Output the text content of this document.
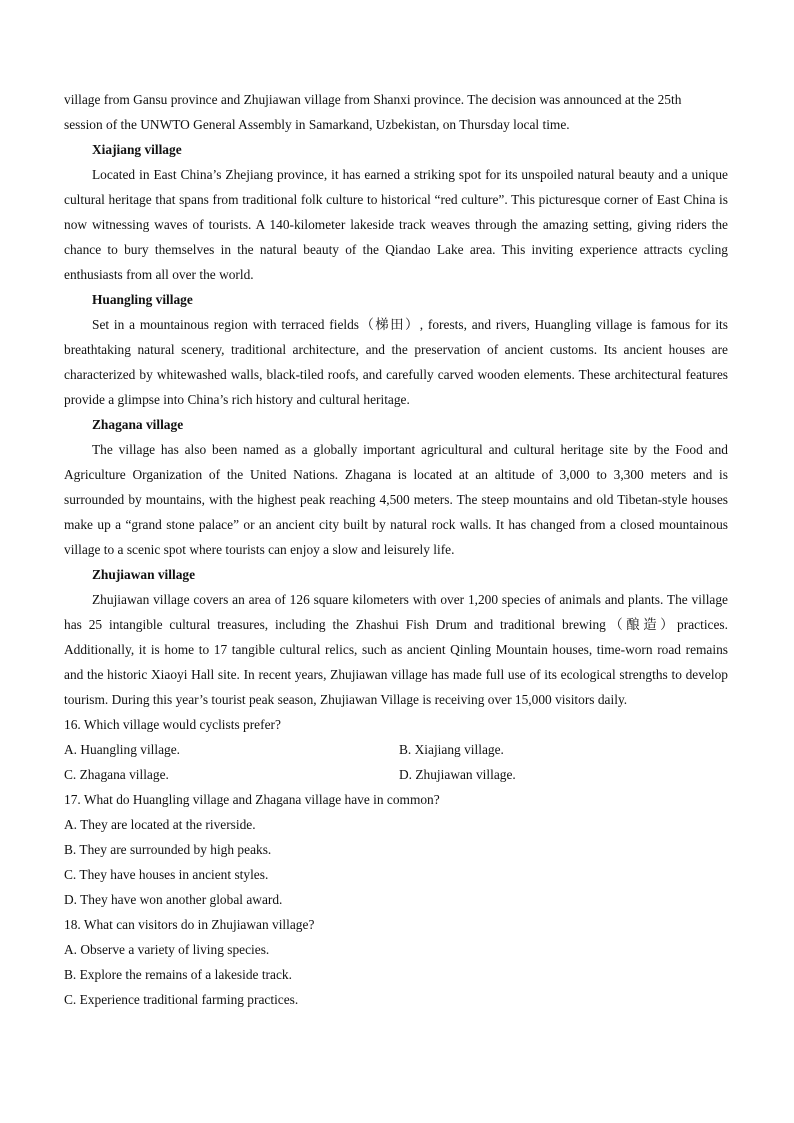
village from Gansu province and Zhujiawan village from Shanxi province. The decision was announced at the 25th
session of the UNWTO General Assembly in Samarkand, Uzbekistan, on Thursday local time.

Xiajiang village

Located in East China’s Zhejiang province, it has earned a striking spot for its unspoiled natural beauty and a unique cultural heritage that spans from traditional folk culture to historical “red culture”. This picturesque corner of East China is now witnessing waves of tourists. A 140-kilometer lakeside track weaves through the amazing setting, giving riders the chance to bury themselves in the natural beauty of the Qiandao Lake area. This inviting experience attracts cycling enthusiasts from all over the world.

Huangling village

Set in a mountainous region with terraced fields（梯田）, forests, and rivers, Huangling village is famous for its breathtaking natural scenery, traditional architecture, and the preservation of ancient customs. Its ancient houses are characterized by whitewashed walls, black-tiled roofs, and carefully carved wooden elements. These architectural features provide a glimpse into China’s rich history and cultural heritage.

Zhagana village

The village has also been named as a globally important agricultural and cultural heritage site by the Food and Agriculture Organization of the United Nations. Zhagana is located at an altitude of 3,000 to 3,300 meters and is surrounded by mountains, with the highest peak reaching 4,500 meters. The steep mountains and old Tibetan-style houses make up a “grand stone palace” or an ancient city built by natural rock walls. It has changed from a closed mountainous village to a scenic spot where tourists can enjoy a slow and leisurely life.

Zhujiawan village

Zhujiawan village covers an area of 126 square kilometers with over 1,200 species of animals and plants. The village has 25 intangible cultural treasures, including the Zhashui Fish Drum and traditional brewing（酿造）practices. Additionally, it is home to 17 tangible cultural relics, such as ancient Qinling Mountain houses, time-worn road remains and the historic Xiaoyi Hall site. In recent years, Zhujiawan village has made full use of its ecological strengths to develop tourism. During this year’s tourist peak season, Zhujiawan Village is receiving over 15,000 visitors daily.

16. Which village would cyclists prefer?

A. Huangling village.	B. Xiajiang village.
C. Zhagana village.	D. Zhujiawan village.

17. What do Huangling village and Zhagana village have in common?

A. They are located at the riverside.

B. They are surrounded by high peaks.

C. They have houses in ancient styles.

D. They have won another global award.

18. What can visitors do in Zhujiawan village?

A. Observe a variety of living species.

B. Explore the remains of a lakeside track.

C. Experience traditional farming practices.
